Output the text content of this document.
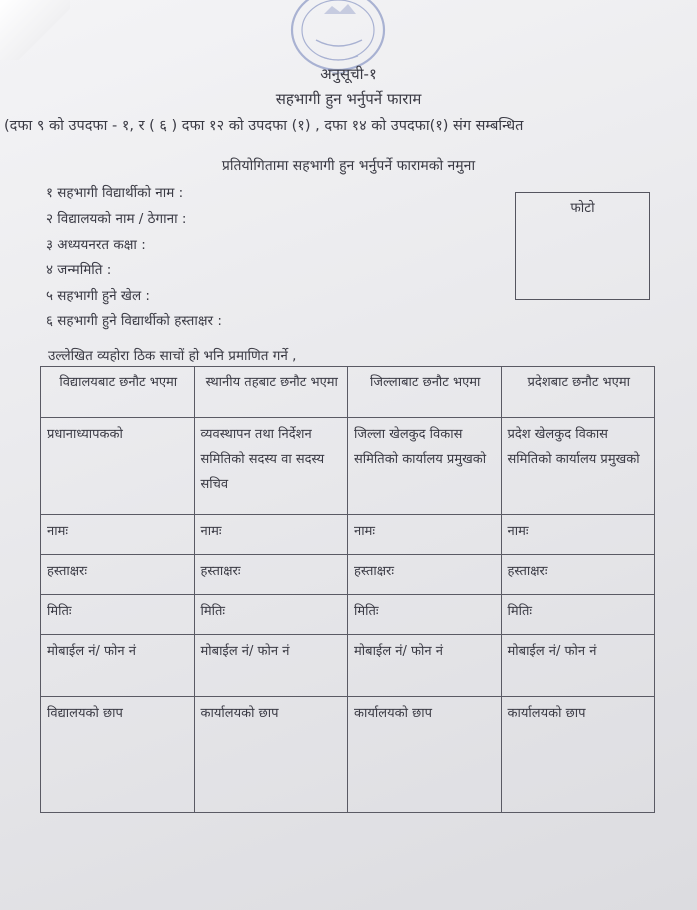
अनुसूची-१
सहभागी हुन भर्नुपर्ने फाराम
(दफा ९ को उपदफा - १, र ( ६ ) दफा १२ को उपदफा (१) , दफा १४ को उपदफा(१) संग सम्बन्धित
प्रतियोगितामा सहभागी हुन भर्नुपर्ने फारामको नमुना
१ सहभागी विद्यार्थीको नाम :
२ विद्यालयको नाम / ठेगाना :
३ अध्ययनरत कक्षा :
४ जन्ममिति :
५ सहभागी हुने खेल :
६ सहभागी हुने विद्यार्थीको हस्ताक्षर :
फोटो
उल्लेखित व्यहोरा ठिक साचों हो भनि प्रमाणित गर्ने ,
विद्यालयबाट छनौट भएमा	स्थानीय तहबाट छनौट भएमा	जिल्लाबाट छनौट भएमा	प्रदेशबाट छनौट भएमा
प्रधानाध्यापकको	व्यवस्थापन तथा निर्देशन समितिको सदस्य वा सदस्य सचिव	जिल्ला खेलकुद विकास समितिको कार्यालय प्रमुखको	प्रदेश खेलकुद विकास समितिको कार्यालय प्रमुखको
नामः	नामः	नामः	नामः
हस्ताक्षरः	हस्ताक्षरः	हस्ताक्षरः	हस्ताक्षरः
मितिः	मितिः	मितिः	मितिः
मोबाईल नं/ फोन नं	मोबाईल नं/ फोन नं	मोबाईल नं/ फोन नं	मोबाईल नं/ फोन नं
विद्यालयको छाप	कार्यालयको छाप	कार्यालयको छाप	कार्यालयको छाप
